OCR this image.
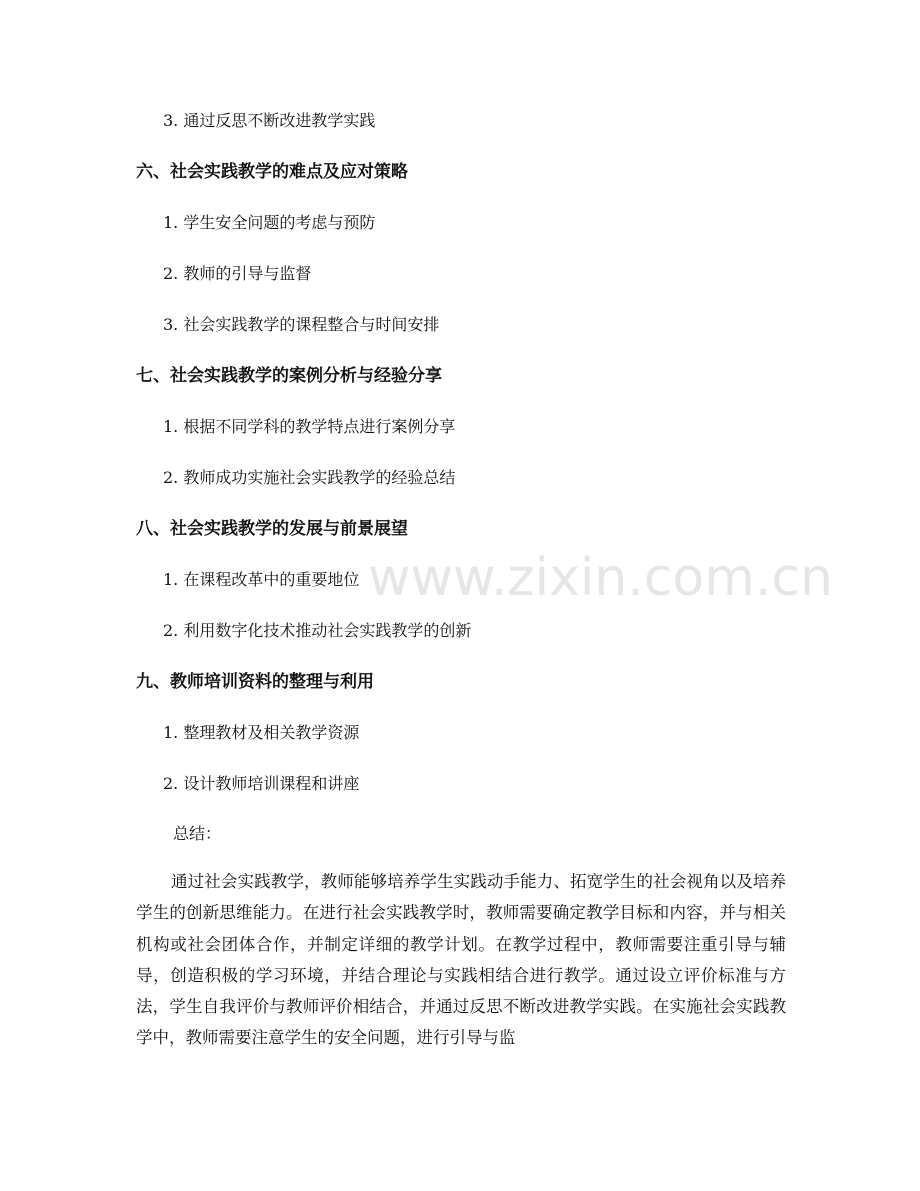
www.zixin.com.cn
3. 通过反思不断改进教学实践
六、社会实践教学的难点及应对策略
1. 学生安全问题的考虑与预防
2. 教师的引导与监督
3. 社会实践教学的课程整合与时间安排
七、社会实践教学的案例分析与经验分享
1. 根据不同学科的教学特点进行案例分享
2. 教师成功实施社会实践教学的经验总结
八、社会实践教学的发展与前景展望
1. 在课程改革中的重要地位
2. 利用数字化技术推动社会实践教学的创新
九、教师培训资料的整理与利用
1. 整理教材及相关教学资源
2. 设计教师培训课程和讲座
总结：
通过社会实践教学，教师能够培养学生实践动手能力、拓宽学生的社会视角以及培养学生的创新思维能力。在进行社会实践教学时，教师需要确定教学目标和内容，并与相关机构或社会团体合作，并制定详细的教学计划。在教学过程中，教师需要注重引导与辅导，创造积极的学习环境，并结合理论与实践相结合进行教学。通过设立评价标准与方法，学生自我评价与教师评价相结合，并通过反思不断改进教学实践。在实施社会实践教学中，教师需要注意学生的安全问题，进行引导与监
